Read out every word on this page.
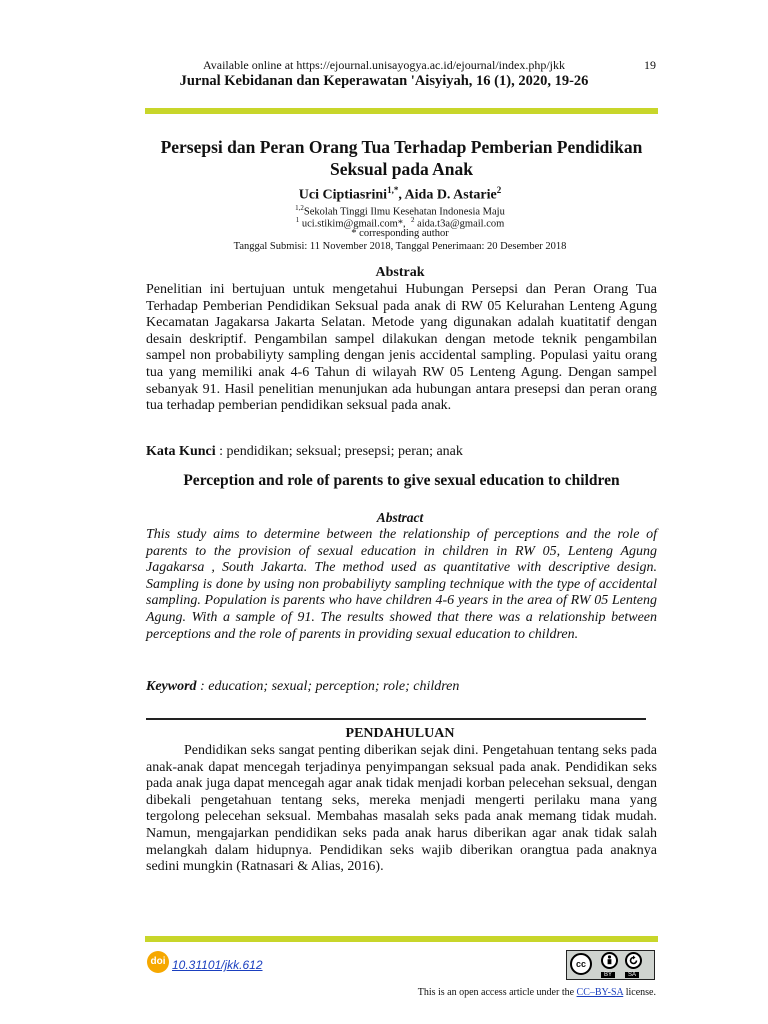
Available online at https://ejournal.unisayogya.ac.id/ejournal/index.php/jkk	19
Jurnal Kebidanan dan Keperawatan 'Aisyiyah, 16 (1), 2020, 19-26
Persepsi dan Peran Orang Tua Terhadap Pemberian Pendidikan
Seksual pada Anak
Uci Ciptiasrini$^{1,*}$, Aida D. Astarie$^2$
$^{1,2}$Sekolah Tinggi Ilmu Kesehatan Indonesia Maju
$^1$ uci.stikim@gmail.com*, $^2$ aida.t3a@gmail.com
* corresponding author
Tanggal Submisi: 11 November 2018, Tanggal Penerimaan: 20 Desember 2018
Abstrak
Penelitian ini bertujuan untuk mengetahui Hubungan Persepsi dan Peran Orang Tua Terhadap Pemberian Pendidikan Seksual pada anak di RW 05 Kelurahan Lenteng Agung Kecamatan Jagakarsa Jakarta Selatan. Metode yang digunakan adalah kuatitatif dengan desain deskriptif. Pengambilan sampel dilakukan dengan metode teknik pengambilan sampel non probabiliyty sampling dengan jenis accidental sampling. Populasi yaitu orang tua yang memiliki anak 4-6 Tahun di wilayah RW 05 Lenteng Agung. Dengan sampel sebanyak 91. Hasil penelitian menunjukan ada hubungan antara presepsi dan peran orang tua terhadap pemberian pendidikan seksual pada anak.
Kata Kunci : pendidikan; seksual; presepsi; peran; anak
Perception and role of parents to give sexual education to children
Abstract
This study aims to determine between the relationship of perceptions and the role of parents to the provision of sexual education in children in RW 05, Lenteng Agung Jagakarsa , South Jakarta. The method used as quantitative with descriptive design. Sampling is done by using non probabiliyty sampling technique with the type of accidental sampling. Population is parents who have children 4-6 years in the area of RW 05 Lenteng Agung. With a sample of 91. The results showed that there was a relationship between perceptions and the role of parents in providing sexual education to children.
Keyword : education; sexual; perception; role; children
PENDAHULUAN
Pendidikan seks sangat penting diberikan sejak dini. Pengetahuan tentang seks pada anak-anak dapat mencegah terjadinya penyimpangan seksual pada anak. Pendidikan seks pada anak juga dapat mencegah agar anak tidak menjadi korban pelecehan seksual, dengan dibekali pengetahuan tentang seks, mereka menjadi mengerti perilaku mana yang tergolong pelecehan seksual. Membahas masalah seks pada anak memang tidak mudah. Namun, mengajarkan pendidikan seks pada anak harus diberikan agar anak tidak salah melangkah dalam hidupnya. Pendidikan seks wajib diberikan orangtua pada anaknya sedini mungkin (Ratnasari & Alias, 2016).
doi 10.31101/jkk.612	cc
BY	SA
This is an open access article under the CC–BY-SA license.
